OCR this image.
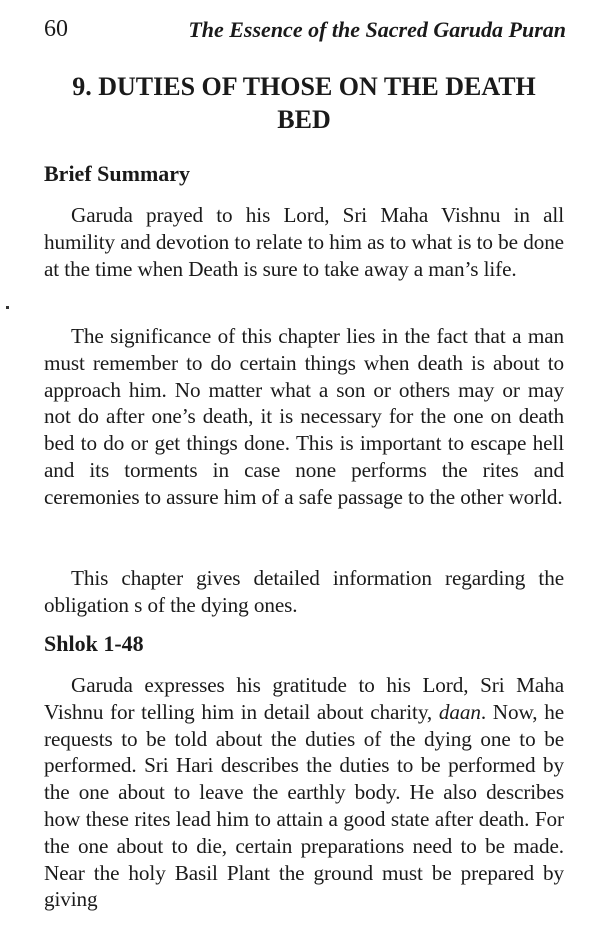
60	The Essence of the Sacred Garuda Puran
9. DUTIES OF THOSE ON THE DEATH BED
Brief Summary

Garuda prayed to his Lord, Sri Maha Vishnu in all humility and devotion to relate to him as to what is to be done at the time when Death is sure to take away a man’s life.

The significance of this chapter lies in the fact that a man must remember to do certain things when death is about to approach him. No matter what a son or others may or may not do after one’s death, it is necessary for the one on death bed to do or get things done. This is important to escape hell and its torments in case none performs the rites and ceremonies to assure him of a safe passage to the other world.

This chapter gives detailed information regarding the obligation s of the dying ones.

Shlok 1-48

Garuda expresses his gratitude to his Lord, Sri Maha Vishnu for telling him in detail about charity, daan. Now, he requests to be told about the duties of the dying one to be performed. Sri Hari describes the duties to be performed by the one about to leave the earthly body. He also describes how these rites lead him to attain a good state after death. For the one about to die, certain preparations need to be made. Near the holy Basil Plant the ground must be prepared by giving
